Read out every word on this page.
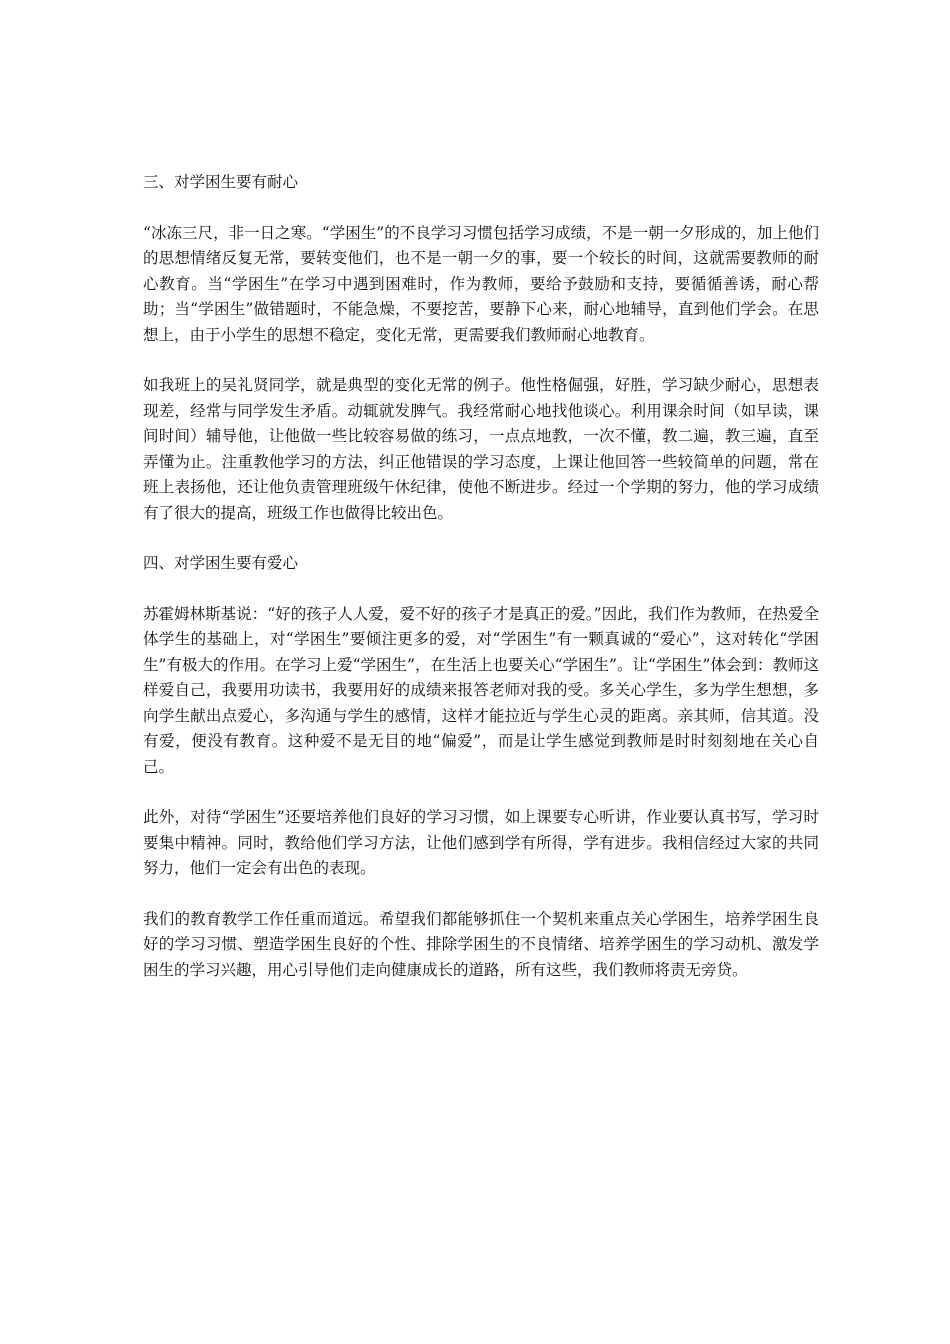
三、对学困生要有耐心
“冰冻三尺，非一日之寒。“学困生”的不良学习习惯包括学习成绩，不是一朝一夕形成的，加上他们的思想情绪反复无常，要转变他们，也不是一朝一夕的事，要一个较长的时间，这就需要教师的耐心教育。当“学困生”在学习中遇到困难时，作为教师，要给予鼓励和支持，要循循善诱，耐心帮助；当“学困生”做错题时，不能急燥，不要挖苦，要静下心来，耐心地辅导，直到他们学会。在思想上，由于小学生的思想不稳定，变化无常，更需要我们教师耐心地教育。
如我班上的吴礼贤同学，就是典型的变化无常的例子。他性格倔强，好胜，学习缺少耐心，思想表现差，经常与同学发生矛盾。动辄就发脾气。我经常耐心地找他谈心。利用课余时间（如早读，课间时间）辅导他，让他做一些比较容易做的练习，一点点地教，一次不懂，教二遍，教三遍，直至弄懂为止。注重教他学习的方法，纠正他错误的学习态度，上课让他回答一些较简单的问题，常在班上表扬他，还让他负责管理班级午休纪律，使他不断进步。经过一个学期的努力，他的学习成绩有了很大的提高，班级工作也做得比较出色。
四、对学困生要有爱心
苏霍姆林斯基说：“好的孩子人人爱，爱不好的孩子才是真正的爱。”因此，我们作为教师，在热爱全体学生的基础上，对“学困生”要倾注更多的爱，对“学困生”有一颗真诚的“爱心”，这对转化“学困生”有极大的作用。在学习上爱“学困生”，在生活上也要关心“学困生”。让“学困生”体会到：教师这样爱自己，我要用功读书，我要用好的成绩来报答老师对我的受。多关心学生，多为学生想想，多向学生献出点爱心，多沟通与学生的感情，这样才能拉近与学生心灵的距离。亲其师，信其道。没有爱，便没有教育。这种爱不是无目的地“偏爱”，而是让学生感觉到教师是时时刻刻地在关心自己。
此外，对待“学困生”还要培养他们良好的学习习惯，如上课要专心听讲，作业要认真书写，学习时要集中精神。同时，教给他们学习方法，让他们感到学有所得，学有进步。我相信经过大家的共同努力，他们一定会有出色的表现。
我们的教育教学工作任重而道远。希望我们都能够抓住一个契机来重点关心学困生，培养学困生良好的学习习惯、塑造学困生良好的个性、排除学困生的不良情绪、培养学困生的学习动机、激发学困生的学习兴趣，用心引导他们走向健康成长的道路，所有这些，我们教师将责无旁贷。
